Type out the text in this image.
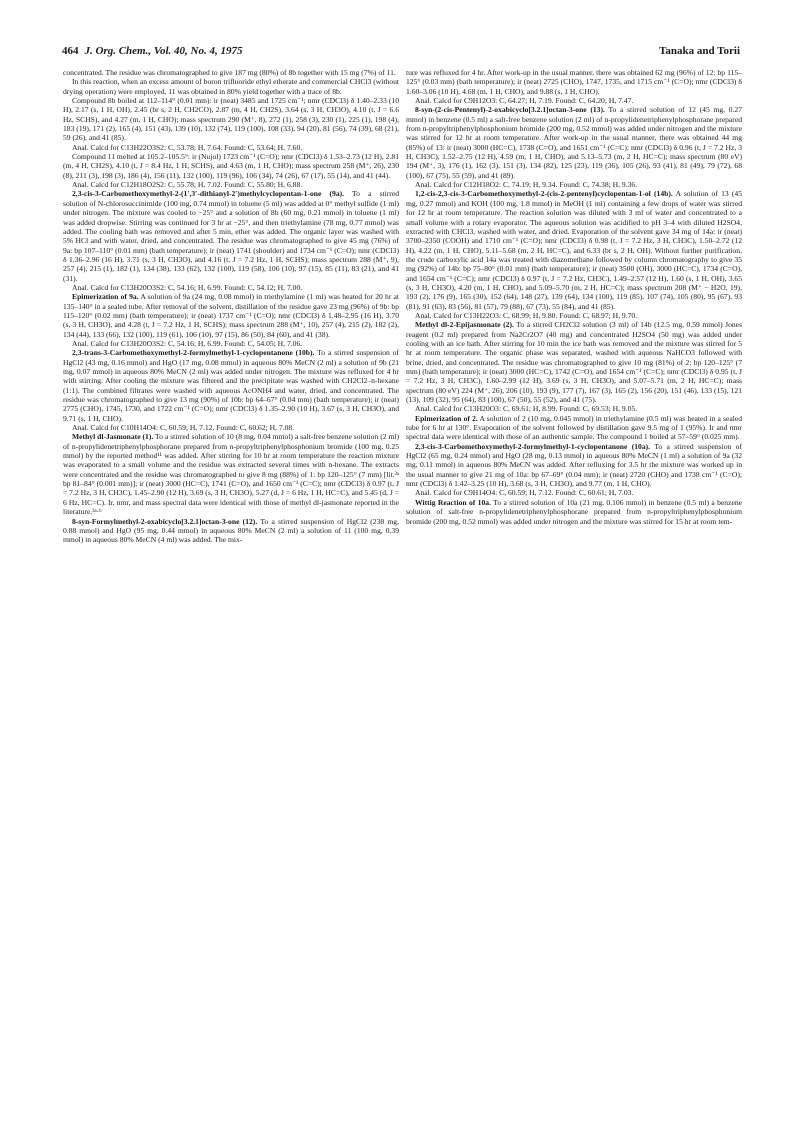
464 J. Org. Chem., Vol. 40, No. 4, 1975	Tanaka and Torii

concentrated. The residue was chromatographed to give 187 mg (80%) of 8b together with 15 mg (7%) of 11.

In this reaction, when an excess amount of boron trifluoride ethyl etherate and commercial CHCl3 (without drying operation) were employed, 11 was obtained in 80% yield together with a trace of 8b.

Compound 8b boiled at 112–114° (0.01 mm): ir (neat) 3485 and 1725 cm⁻¹; nmr (CDCl3) δ 1.40–2.33 (10 H), 2.17 (s, 1 H, OH), 2.45 (br s, 2 H, CH2CO), 2.87 (m, 4 H, CH2S), 3.64 (s, 3 H, CH3O), 4.10 (t, J = 6.6 Hz, SCHS), and 4.27 (m, 1 H, CHO); mass spectrum 290 (M⁺, 8), 272 (1), 258 (3), 230 (1), 225 (1), 198 (4), 183 (19), 171 (2), 165 (4), 151 (43), 139 (10), 132 (74), 119 (100), 108 (33), 94 (20), 81 (56), 74 (39), 68 (21), 59 (26), and 41 (85).

Anal. Calcd for C13H22O3S2: C, 53.78; H, 7.64. Found: C, 53.64; H, 7.60.

Compound 11 melted at 105.2–105.5°: ir (Nujol) 1723 cm⁻¹ (C=O); nmr (CDCl3) δ 1.53–2.73 (12 H), 2.81 (m, 4 H, CH2S), 4.10 (t, J = 8.4 Hz, 1 H, SCHS), and 4.63 (m, 1 H, CHO); mass spectrum 258 (M⁺, 26), 230 (8), 211 (3), 198 (3), 186 (4), 156 (11), 132 (100), 119 (96), 106 (34), 74 (26), 67 (17), 55 (14), and 41 (44).

Anal. Calcd for C12H18O2S2: C, 55.78; H, 7.02. Found: C, 55.80; H, 6.88.

2,3-cis-3-Carbomethoxymethyl-2-(1′,3′-dithianyl-2′)methylcyclopentan-1-one (9a). To a stirred solution of N-chlorosuccinimide (100 mg, 0.74 mmol) in toluene (5 ml) was added at 0° methyl sulfide (1 ml) under nitrogen. The mixture was cooled to −25° and a solution of 8b (60 mg, 0.21 mmol) in toluene (1 ml) was added dropwise. Stirring was continued for 3 hr at −25°, and then triethylamine (78 mg, 0.77 mmol) was added. The cooling bath was removed and after 5 min, ether was added. The organic layer was washed with 5% HCl and with water, dried, and concentrated. The residue was chromatographed to give 45 mg (76%) of 9a: bp 107–110° (0.01 mm) (bath temperature); ir (neat) 1741 (shoulder) and 1734 cm⁻¹ (C=O); nmr (CDCl3) δ 1.36–2.96 (16 H), 3.71 (s, 3 H, CH3O), and 4.16 (t, J = 7.2 Hz, 1 H, SCHS); mass spectrum 288 (M⁺, 9), 257 (4), 215 (1), 182 (1), 134 (38), 133 (62), 132 (100), 119 (58), 106 (10), 97 (15), 85 (11), 83 (21), and 41 (31).

Anal. Calcd for C13H20O3S2: C, 54.16; H, 6.99. Found: C, 54.12; H, 7.00.

Epimerization of 9a. A solution of 9a (24 mg, 0.08 mmol) in triethylamine (1 ml) was heated for 20 hr at 135–140° in a sealed tube. After removal of the solvent, distillation of the residue gave 23 mg (96%) of 9b: bp 115–120° (0.02 mm) (bath temperature); ir (neat) 1737 cm⁻¹ (C=O); nmr (CDCl3) δ 1.48–2.95 (16 H), 3.70 (s, 3 H, CH3O), and 4.28 (t, J = 7.2 Hz, 1 H, SCHS); mass spectrum 288 (M⁺, 10), 257 (4), 215 (2), 182 (2), 134 (44), 133 (66), 132 (100), 119 (61), 106 (10), 97 (15), 86 (50), 84 (60), and 41 (38).

Anal. Calcd for C13H20O3S2: C, 54.16; H, 6.99. Found: C, 54.05; H, 7.06.

2,3-trans-3-Carbomethoxymethyl-2-formylmethyl-1-cyclopentanone (10b). To a stirred suspension of HgCl2 (43 mg, 0.16 mmol) and HgO (17 mg, 0.08 mmol) in aqueous 80% MeCN (2 ml) a solution of 9b (21 mg, 0.07 mmol) in aqueous 80% MeCN (2 ml) was added under nitrogen. The mixture was refluxed for 4 hr with stirring. After cooling the mixture was filtered and the precipitate was washed with CH2Cl2–n-hexane (1:1). The combined filtrates were washed with aqueous AcONH4 and water, dried, and concentrated. The residue was chromatographed to give 13 mg (90%) of 10b: bp 64–67° (0.04 mm) (bath temperature); ir (neat) 2775 (CHO), 1745, 1730, and 1722 cm⁻¹ (C=O); nmr (CDCl3) δ 1.35–2.90 (10 H), 3.67 (s, 3 H, CH3O), and 9.71 (s, 1 H, CHO).

Anal. Calcd for C10H14O4: C, 60.59; H, 7.12. Found: C, 60.62; H, 7.08.

Methyl dl-Jasmonate (1). To a stirred solution of 10 (8 mg, 0.04 mmol) a salt-free benzene solution (2 ml) of n-propylidenetriphenylphosphorane prepared from n-propyltriphenylphosphonium bromide (100 mg, 0.25 mmol) by the reported method¹¹ was added. After stirring for 10 hr at room temperature the reaction mixture was evaporated to a small volume and the residue was extracted several times with n-hexane. The extracts were concentrated and the residue was chromatographed to give 8 mg (88%) of 1: bp 120–125° (7 mm) [lit.³ᵃ bp 81–84° (0.001 mm)]; ir (neat) 3000 (HC=C), 1741 (C=O), and 1650 cm⁻¹ (C=C); nmr (CDCl3) δ 0.97 (t, J = 7.2 Hz, 3 H, CH3C), 1.45–2.90 (12 H), 3.69 (s, 3 H, CH3O), 5.27 (d, J = 6 Hz, 1 H, HC=C), and 5.45 (d, J = 6 Hz, HC=C). Ir, nmr, and mass spectral data were identical with those of methyl dl-jasmonate reported in the literature.³ᵃ·ᵇ

8-syn-Formylmethyl-2-oxabicyclo[3.2.1]octan-3-one (12). To a stirred suspension of HgCl2 (238 mg, 0.88 mmol) and HgO (95 mg, 0.44 mmol) in aqueous 80% MeCN (2 ml) a solution of 11 (100 mg, 0.39 mmol) in aqueous 80% MeCN (4 ml) was added. The mix-

ture was refluxed for 4 hr. After work-up in the usual manner, there was obtained 62 mg (96%) of 12: bp 115–125° (0.03 mm) (bath temperature); ir (neat) 2725 (CHO), 1747, 1735, and 1715 cm⁻¹ (C=O); nmr (CDCl3) δ 1.60–3.06 (10 H), 4.68 (m, 1 H, CHO), and 9.88 (s, 1 H, CHO).

Anal. Calcd for C9H12O3: C, 64.27; H, 7.19. Found: C, 64.20; H, 7.47.

8-syn-(2-cis-Pentenyl)-2-oxabicyclo[3.2.1]octan-3-one (13). To a stirred solution of 12 (45 mg, 0.27 mmol) in benzene (0.5 ml) a salt-free benzene solution (2 ml) of n-propylidenetriphenylphosphorane prepared from n-propyltriphenylphosphonium bromide (200 mg, 0.52 mmol) was added under nitrogen and the mixture was stirred for 12 hr at room temperature. After work-up in the usual manner, there was obtained 44 mg (85%) of 13: ir (neat) 3000 (HC=C), 1738 (C=O), and 1651 cm⁻¹ (C=C); nmr (CDCl3) δ 0.96 (t, J = 7.2 Hz, 3 H, CH3C), 1.52–2.75 (12 H), 4.59 (m, 1 H, CHO), and 5.13–5.73 (m, 2 H, HC=C); mass spectrum (80 eV) 194 (M⁺, 3), 176 (1), 162 (3), 151 (3), 134 (82), 125 (23), 119 (36), 105 (26), 93 (41), 81 (49), 79 (72), 68 (100), 67 (75), 55 (59), and 41 (89).

Anal. Calcd for C12H18O2: C, 74.19; H, 9.34. Found: C, 74.38; H, 9.36.

1,2-cis-2,3-cis-3-Carbomethoxymethyl-2-(cis-2-pentenyl)cyclopentan-1-ol (14b). A solution of 13 (45 mg, 0.27 mmol) and KOH (100 mg, 1.8 mmol) in MeOH (1 ml) containing a few drops of water was stirred for 12 hr at room temperature. The reaction solution was diluted with 3 ml of water and concentrated to a small volume with a rotary evaporator. The aqueous solution was acidified to pH 3–4 with diluted H2SO4, extracted with CHCl3, washed with water, and dried. Evaporation of the solvent gave 34 mg of 14a: ir (neat) 3700–2350 (COOH) and 1710 cm⁻¹ (C=O); nmr (CDCl3) δ 0.98 (t, J = 7.2 Hz, 3 H, CH3C), 1.50–2.72 (12 H), 4.22 (m, 1 H, CHO), 5.11–5.68 (m, 2 H, HC=C), and 6.33 (br s, 2 H, OH). Without further purification, the crude carboxylic acid 14a was treated with diazomethane followed by column chromatography to give 35 mg (92%) of 14b: bp 75–80° (0.01 mm) (bath temperature); ir (neat) 3500 (OH), 3000 (HC=C), 1734 (C=O), and 1654 cm⁻¹ (C=C); nmr (CDCl3) δ 0.97 (t, J = 7.2 Hz, CH3C), 1.49–2.57 (12 H), 1.60 (s, 1 H, OH), 3.65 (s, 3 H, CH3O), 4.20 (m, 1 H, CHO), and 5.09–5.70 (m, 2 H, HC=C); mass spectrum 208 (M⁺ − H2O, 19), 193 (2), 176 (9), 165 (30), 152 (64), 148 (27), 139 (64), 134 (100), 119 (85), 107 (74), 105 (80), 95 (67), 93 (81), 91 (63), 83 (56), 81 (57), 79 (88), 67 (73), 55 (84), and 41 (85).

Anal. Calcd for C13H22O3: C, 68.99; H, 9.80. Found: C, 68.97; H, 9.70.

Methyl dl-2-Epijasmonate (2). To a stirred CH2Cl2 solution (3 ml) of 14b (12.5 mg, 0.59 mmol) Jones reagent (0.2 ml) prepared from Na2Cr2O7 (40 mg) and concentrated H2SO4 (50 mg) was added under cooling with an ice bath. After stirring for 10 min the ice bath was removed and the mixture was stirred for 5 hr at room temperature. The organic phase was separated, washed with aqueous NaHCO3 followed with brine, dried, and concentrated. The residue was chromatographed to give 10 mg (81%) of 2: bp 120–125° (7 mm) (bath temperature); ir (neat) 3000 (HC=C), 1742 (C=O), and 1654 cm⁻¹ (C=C); nmr (CDCl3) δ 0.95 (t, J = 7.2 Hz, 3 H, CH3C), 1.60–2.99 (12 H), 3.69 (s, 3 H, CH3O), and 5.07–5.71 (m, 2 H, HC=C); mass spectrum (80 eV) 224 (M⁺, 26), 206 (10), 193 (9), 177 (7), 167 (3), 165 (2), 156 (20), 151 (46), 133 (15), 121 (13), 109 (32), 95 (64), 83 (100), 67 (50), 55 (52), and 41 (75).

Anal. Calcd for C13H20O3: C, 69.61; H, 8.99. Found: C, 69.53; H, 9.05.

Epimerization of 2. A solution of 2 (10 mg, 0.045 mmol) in triethylamine (0.5 ml) was heated in a sealed tube for 6 hr at 130°. Evaporation of the solvent followed by distillation gave 9.5 mg of 1 (95%). Ir and nmr spectral data were identical with those of an authentic sample. The compound 1 boiled at 57–59° (0.025 mm).

2,3-cis-3-Carbomethoxymethyl-2-formylmethyl-1-cyclopentanone (10a). To a stirred suspension of HgCl2 (65 mg, 0.24 mmol) and HgO (28 mg, 0.13 mmol) in aqueous 80% MeCN (1 ml) a solution of 9a (32 mg, 0.11 mmol) in aqueous 80% MeCN was added. After refluxing for 3.5 hr the mixture was worked up in the usual manner to give 21 mg of 10a: bp 67–69° (0.04 mm); ir (neat) 2720 (CHO) and 1738 cm⁻¹ (C=O); nmr (CDCl3) δ 1.42–3.25 (10 H), 3.68 (s, 3 H, CH3O), and 9.77 (m, 1 H, CHO).

Anal. Calcd for C9H14O4: C, 60.59; H, 7.12. Found: C, 60.61; H, 7.03.

Wittig Reaction of 10a. To a stirred solution of 10a (21 mg, 0.106 mmol) in benzene (0.5 ml) a benzene solution of salt-free n-propylidenetriphenylphosphorane prepared from n-propyltriphenylphosphonium bromide (200 mg, 0.52 mmol) was added under nitrogen and the mixture was stirred for 15 hr at room tem-
